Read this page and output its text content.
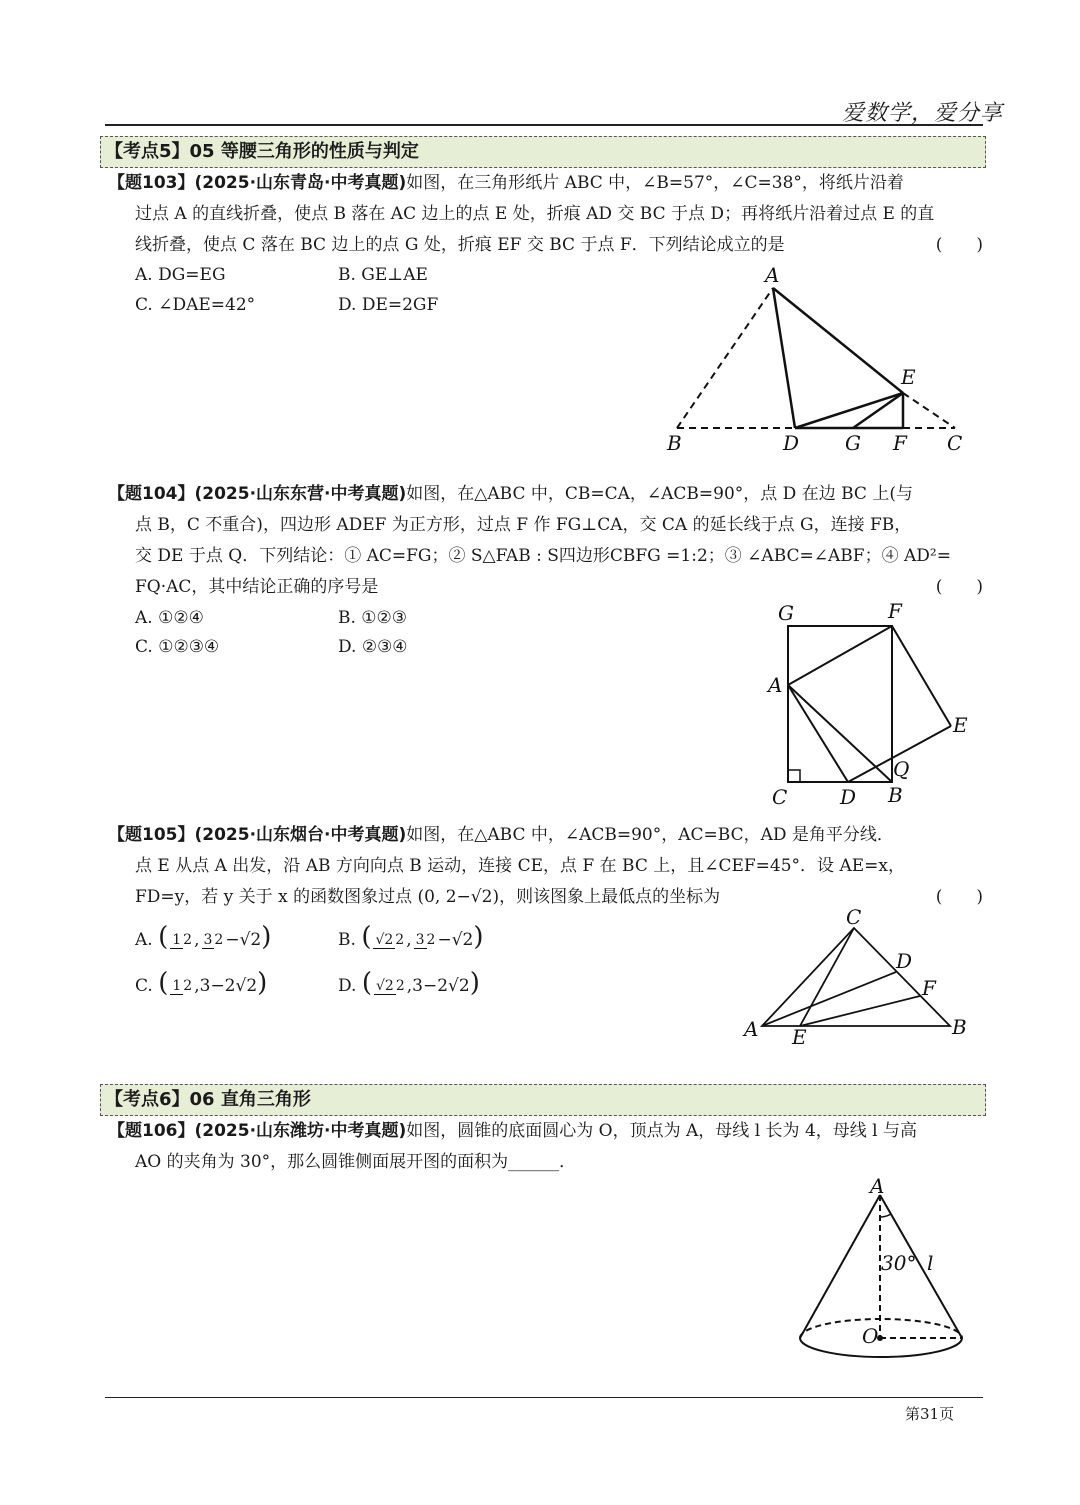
爱数学，爱分享
【考点5】05 等腰三角形的性质与判定

【题103】(2025·山东青岛·中考真题)如图，在三角形纸片 ABC 中，∠B=57°，∠C=38°，将纸片沿着

过点 A 的直线折叠，使点 B 落在 AC 边上的点 E 处，折痕 AD 交 BC 于点 D；再将纸片沿着过点 E 的直

线折叠，使点 C 落在 BC 边上的点 G 处，折痕 EF 交 BC 于点 F．下列结论成立的是	(　　)

A. DG=EG	B. GE⊥AE
C. ∠DAE=42°	D. DE=2GF
A
B	D G F C
E

【题104】(2025·山东东营·中考真题)如图，在△ABC 中，CB=CA，∠ACB=90°，点 D 在边 BC 上(与

点 B，C 不重合)，四边形 ADEF 为正方形，过点 F 作 FG⊥CA，交 CA 的延长线于点 G，连接 FB，

交 DE 于点 Q．下列结论：① AC=FG；② S△FAB : S四边形CBFG =1:2；③ ∠ABC=∠ABF；④ AD²=

FQ·AC，其中结论正确的序号是	(　　)

A. ①②④	B. ①②③
C. ①②③④	D. ②③④
G	F
A
E
Q
C	D B

【题105】(2025·山东烟台·中考真题)如图，在△ABC 中，∠ACB=90°，AC=BC，AD 是角平分线．

点 E 从点 A 出发，沿 AB 方向向点 B 运动，连接 CE，点 F 在 BC 上，且∠CEF=45°．设 AE=x，

FD=y，若 y 关于 x 的函数图象过点 (0, 2−√2)，则该图象上最低点的坐标为	(　　)

A. ( 1 2 , 3 2 −√2)	B. ( √2 2 , 3 2 −√2)
C. ( 1 2 ,3−2√2)	D. ( √2 2 ,3−2√2)
C
D
F
A E	B
【考点6】06 直角三角形

【题106】(2025·山东潍坊·中考真题)如图，圆锥的底面圆心为 O，顶点为 A，母线 l 长为 4，母线 l 与高

AO 的夹角为 30°，那么圆锥侧面展开图的面积为______．

A
O
l
30°
第31页
